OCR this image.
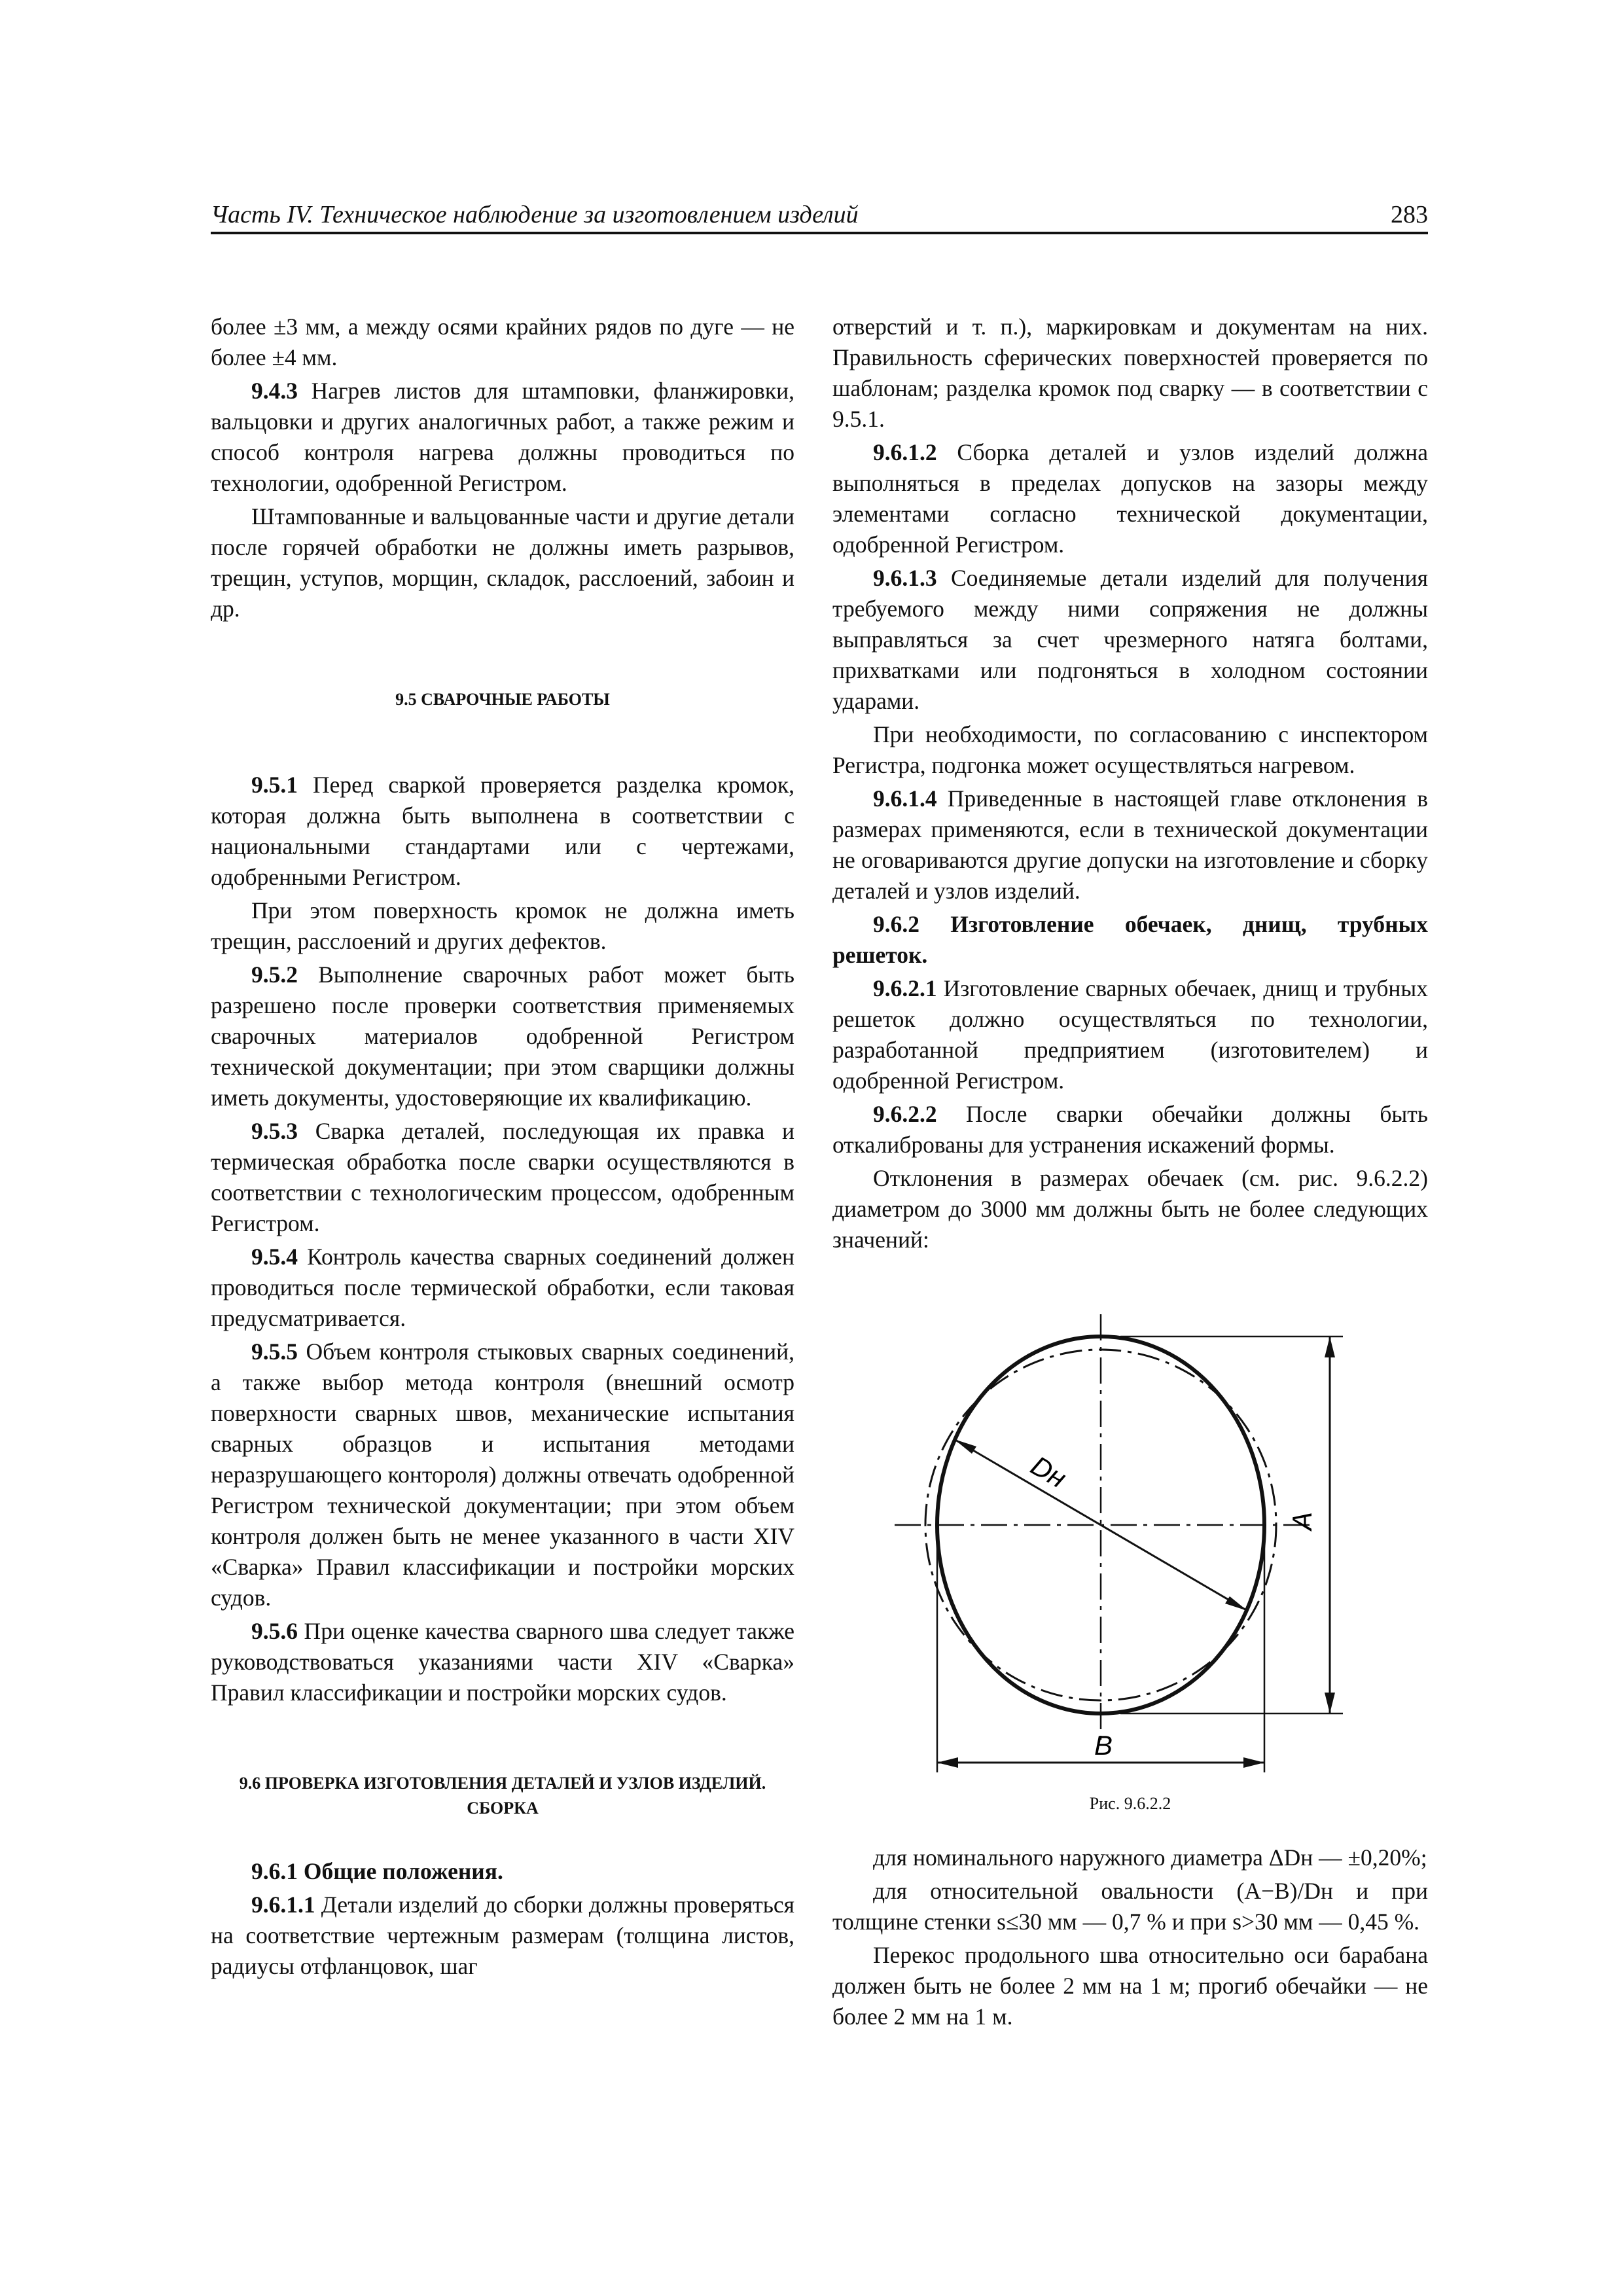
Часть IV. Техническое наблюдение за изготовлением изделий	283

более ±3 мм, а между осями крайних рядов по дуге — не более ±4 мм.

9.4.3 Нагрев листов для штамповки, фланжировки, вальцовки и других аналогичных работ, а также режим и способ контроля нагрева должны проводиться по технологии, одобренной Регистром.

Штампованные и вальцованные части и другие детали после горячей обработки не должны иметь разрывов, трещин, уступов, морщин, складок, расслоений, забоин и др.

9.5 СВАРОЧНЫЕ РАБОТЫ

9.5.1 Перед сваркой проверяется разделка кромок, которая должна быть выполнена в соответствии с национальными стандартами или с чертежами, одобренными Регистром.

При этом поверхность кромок не должна иметь трещин, расслоений и других дефектов.

9.5.2 Выполнение сварочных работ может быть разрешено после проверки соответствия применяемых сварочных материалов одобренной Регистром технической документации; при этом сварщики должны иметь документы, удостоверяющие их квалификацию.

9.5.3 Сварка деталей, последующая их правка и термическая обработка после сварки осуществляются в соответствии с технологическим процессом, одобренным Регистром.

9.5.4 Контроль качества сварных соединений должен проводиться после термической обработки, если таковая предусматривается.

9.5.5 Объем контроля стыковых сварных соединений, а также выбор метода контроля (внешний осмотр поверхности сварных швов, механические испытания сварных образцов и испытания методами неразрушающего контороля) должны отвечать одобренной Регистром технической документации; при этом объем контроля должен быть не менее указанного в части XIV «Сварка» Правил классификации и постройки морских судов.

9.5.6 При оценке качества сварного шва следует также руководствоваться указаниями части XIV «Сварка» Правил классификации и постройки морских судов.

9.6 ПРОВЕРКА ИЗГОТОВЛЕНИЯ ДЕТАЛЕЙ И УЗЛОВ ИЗДЕЛИЙ. СБОРКА

9.6.1 Общие положения.

9.6.1.1 Детали изделий до сборки должны проверяться на соответствие чертежным размерам (толщина листов, радиусы отфланцовок, шаг

отверстий и т. п.), маркировкам и документам на них. Правильность сферических поверхностей проверяется по шаблонам; разделка кромок под сварку — в соответствии с 9.5.1.

9.6.1.2 Сборка деталей и узлов изделий должна выполняться в пределах допусков на зазоры между элементами согласно технической документации, одобренной Регистром.

9.6.1.3 Соединяемые детали изделий для получения требуемого между ними сопряжения не должны выправляться за счет чрезмерного натяга болтами, прихватками или подгоняться в холодном состоянии ударами.

При необходимости, по согласованию с инспектором Регистра, подгонка может осуществляться нагревом.

9.6.1.4 Приведенные в настоящей главе отклонения в размерах применяются, если в технической документации не оговариваются другие допуски на изготовление и сборку деталей и узлов изделий.

9.6.2 Изготовление обечаек, днищ, трубных решеток.

9.6.2.1 Изготовление сварных обечаек, днищ и трубных решеток должно осуществляться по технологии, разработанной предприятием (изготовителем) и одобренной Регистром.

9.6.2.2 После сварки обечайки должны быть откалиброваны для устранения искажений формы.

Отклонения в размерах обечаек (см. рис. 9.6.2.2) диаметром до 3000 мм должны быть не более следующих значений:

Dн
A
B
Рис. 9.6.2.2

для номинального наружного диаметра ΔDн — ±0,20%;

для относительной овальности (A−B)/Dн и при толщине стенки s≤30 мм — 0,7 % и при s>30 мм — 0,45 %.

Перекос продольного шва относительно оси барабана должен быть не более 2 мм на 1 м; прогиб обечайки — не более 2 мм на 1 м.
